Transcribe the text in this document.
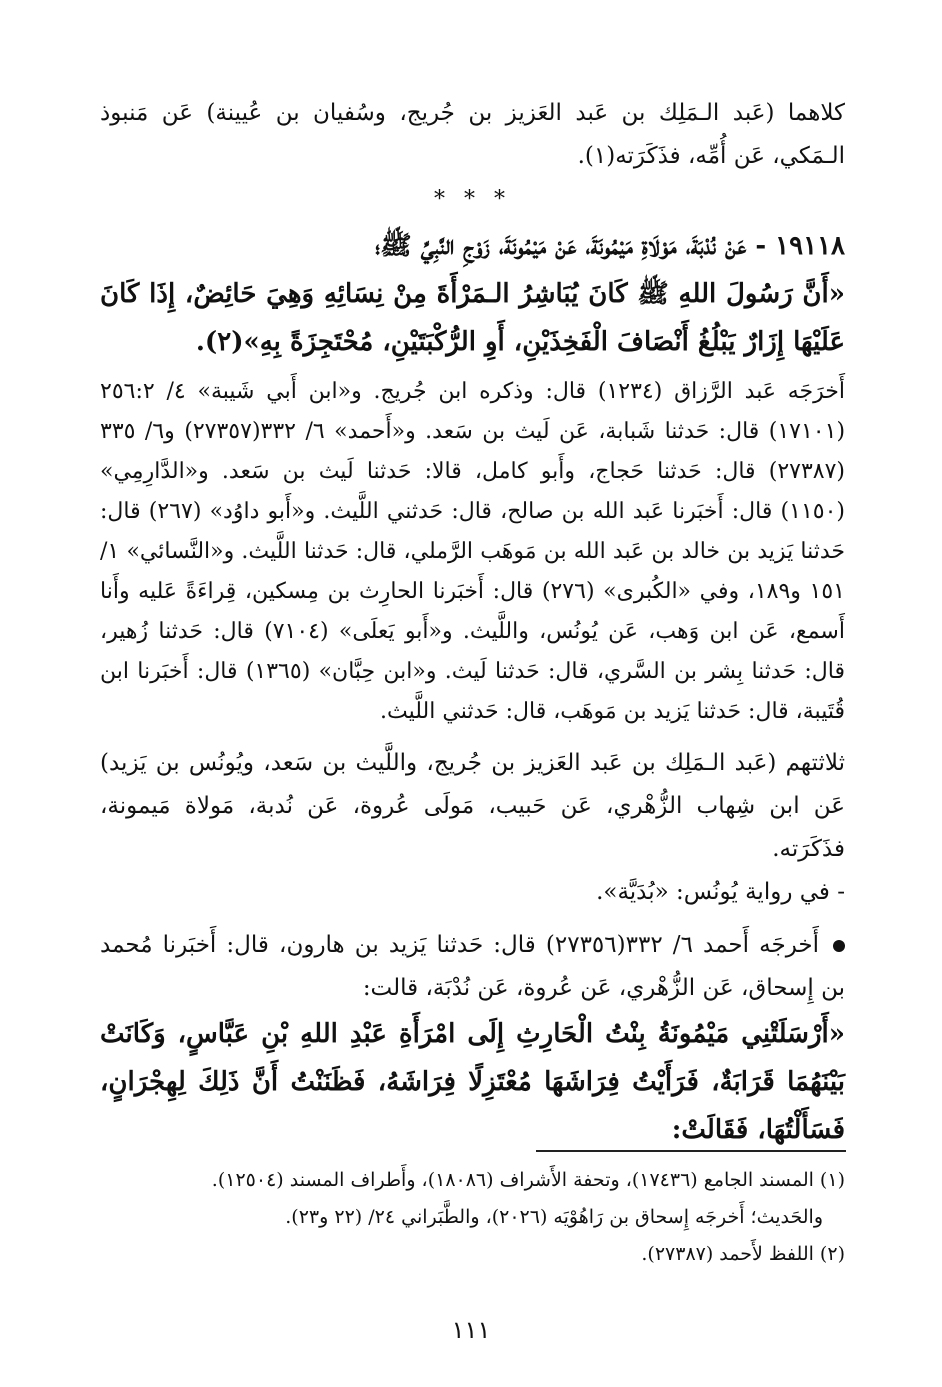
كلاهما (عَبد الـمَلِك بن عَبد العَزيز بن جُريج، وسُفيان بن عُيينة) عَن مَنبوذ الـمَكي، عَن أُمِّه، فذَكَرَته(١).

* * *

١٩١١٨ - عَنْ نُدْبَةَ، مَوْلَاةِ مَيْمُونَةَ، عَنْ مَيْمُونَةَ، زَوْجِ النَّبِيِّ ﷺ؛

«أَنَّ رَسُولَ اللهِ ﷺ كَانَ يُبَاشِرُ الـمَرْأَةَ مِنْ نِسَائِهِ وَهِيَ حَائِضٌ، إِذَا كَانَ عَلَيْهَا إِزَارٌ يَبْلُغُ أَنْصَافَ الْفَخِذَيْنِ، أَوِ الرُّكْبَتَيْنِ، مُحْتَجِزَةً بِهِ»(٢).

أَخرَجَه عَبد الرَّزاق (١٢٣٤) قال: وذكره ابن جُريج. و«ابن أَبي شَيبة» ٤/ ٢٥٦:٢ (١٧١٠١) قال: حَدثنا شَبابة، عَن لَيث بن سَعد. و«أَحمد» ٦/ ٣٣٢(٢٧٣٥٧) و٦/ ٣٣٥ (٢٧٣٨٧) قال: حَدثنا حَجاج، وأَبو كامل، قالا: حَدثنا لَيث بن سَعد. و«الدَّارِمِي» (١١٥٠) قال: أَخبَرنا عَبد الله بن صالح، قال: حَدثني اللَّيث. و«أَبو داوُد» (٢٦٧) قال: حَدثنا يَزيد بن خالد بن عَبد الله بن مَوهَب الرَّملي، قال: حَدثنا اللَّيث. و«النَّسائي» ١/ ١٥١ و١٨٩، وفي «الكُبرى» (٢٧٦) قال: أَخبَرنا الحارِث بن مِسكين، قِراءَةً عَليه وأَنا أَسمع، عَن ابن وَهب، عَن يُونُس، واللَّيث. و«أَبو يَعلَى» (٧١٠٤) قال: حَدثنا زُهير، قال: حَدثنا بِشر بن السَّري، قال: حَدثنا لَيث. و«ابن حِبَّان» (١٣٦٥) قال: أَخبَرنا ابن قُتَيبة، قال: حَدثنا يَزيد بن مَوهَب، قال: حَدثني اللَّيث.

ثلاثتهم (عَبد الـمَلِك بن عَبد العَزيز بن جُريج، واللَّيث بن سَعد، ويُونُس بن يَزيد) عَن ابن شِهاب الزُّهْري، عَن حَبيب، مَولَى عُروة، عَن نُدبة، مَولاة مَيمونة، فذَكَرَته.

- في رواية يُونُس: «بُدَيَّة».

أَخرجَه أَحمد ٦/ ٣٣٢(٢٧٣٥٦) قال: حَدثنا يَزيد بن هارون، قال: أَخبَرنا مُحمد بن إِسحاق، عَن الزُّهْري، عَن عُروة، عَن نُدْبَة، قالت:

«أَرْسَلَتْنِي مَيْمُونَةُ بِنْتُ الْحَارِثِ إِلَى امْرَأَةِ عَبْدِ اللهِ بْنِ عَبَّاسٍ، وَكَانَتْ بَيْنَهُمَا قَرَابَةٌ، فَرَأَيْتُ فِرَاشَهَا مُعْتَزِلًا فِرَاشَهُ، فَظَنَنْتُ أَنَّ ذَلِكَ لِهِجْرَانٍ، فَسَأَلْتُهَا، فَقَالَتْ:

(١) المسند الجامع (١٧٤٣٦)، وتحفة الأَشراف (١٨٠٨٦)، وأَطراف المسند (١٢٥٠٤).

والحَديث؛ أَخرجَه إِسحاق بن رَاهُوْيَه (٢٠٢٦)، والطَّبَراني ٢٤/ (٢٢ و٢٣).

(٢) اللفظ لأَحمد (٢٧٣٨٧).

١١١
